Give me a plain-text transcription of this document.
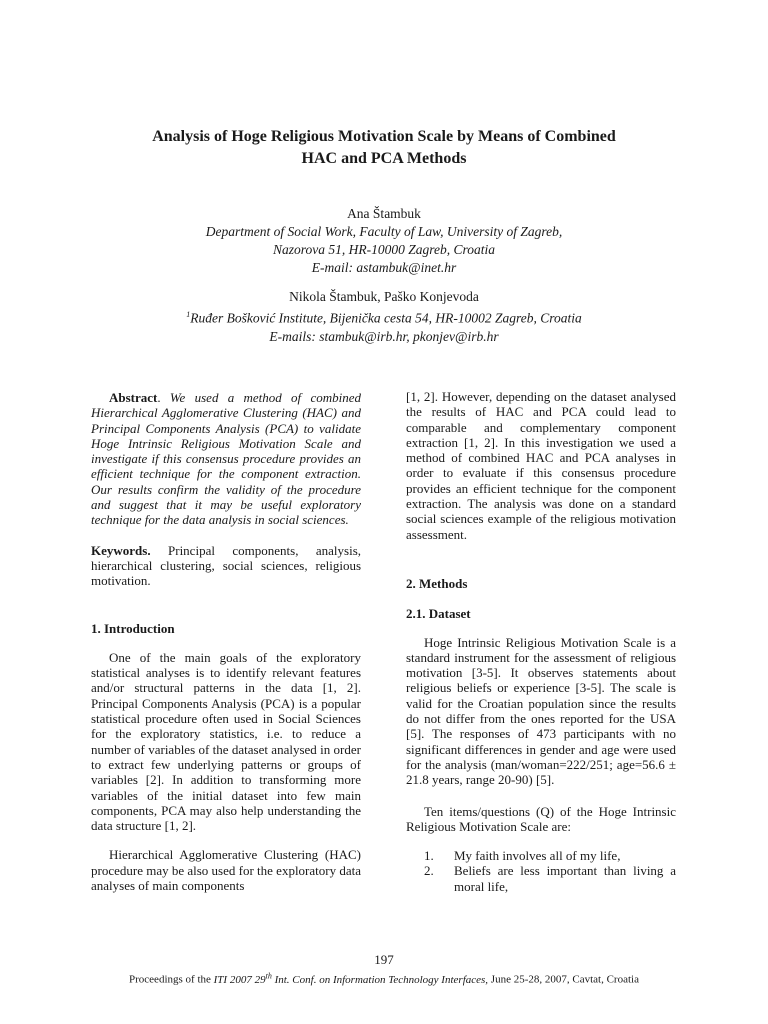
Analysis of Hoge Religious Motivation Scale by Means of Combined
HAC and PCA Methods
Ana Štambuk
Department of Social Work, Faculty of Law, University of Zagreb,
Nazorova 51, HR-10000 Zagreb, Croatia
E-mail: astambuk@inet.hr
Nikola Štambuk, Paško Konjevoda
$^1$Ruđer Bošković Institute, Bijenička cesta 54, HR-10002 Zagreb, Croatia
E-mails: stambuk@irb.hr, pkonjev@irb.hr

Abstract. We used a method of combined Hierarchical Agglomerative Clustering (HAC) and Principal Components Analysis (PCA) to validate Hoge Intrinsic Religious Motivation Scale and investigate if this consensus procedure provides an efficient technique for the component extraction. Our results confirm the validity of the procedure and suggest that it may be useful exploratory technique for the data analysis in social sciences.

Keywords. Principal components, analysis, hierarchical clustering, social sciences, religious motivation.

1. Introduction

One of the main goals of the exploratory statistical analyses is to identify relevant features and/or structural patterns in the data [1, 2]. Principal Components Analysis (PCA) is a popular statistical procedure often used in Social Sciences for the exploratory statistics, i.e. to reduce a number of variables of the dataset analysed in order to extract few underlying patterns or groups of variables [2]. In addition to transforming more variables of the initial dataset into few main components, PCA may also help understanding the data structure [1, 2].

Hierarchical Agglomerative Clustering (HAC) procedure may be also used for the exploratory data analyses of main components

[1, 2]. However, depending on the dataset analysed the results of HAC and PCA could lead to comparable and complementary component extraction [1, 2]. In this investigation we used a method of combined HAC and PCA analyses in order to evaluate if this consensus procedure provides an efficient technique for the component extraction. The analysis was done on a standard social sciences example of the religious motivation assessment.

2. Methods

2.1. Dataset

Hoge Intrinsic Religious Motivation Scale is a standard instrument for the assessment of religious motivation [3-5]. It observes statements about religious beliefs or experience [3-5]. The scale is valid for the Croatian population since the results do not differ from the ones reported for the USA [5]. The responses of 473 participants with no significant differences in gender and age were used for the analysis (man/woman=222/251; age=56.6 ± 21.8 years, range 20-90) [5].

Ten items/questions (Q) of the Hoge Intrinsic Religious Motivation Scale are:

1.	My faith involves all of my life,
2.	Beliefs are less important than living a moral life,
197
Proceedings of the ITI 2007 29th Int. Conf. on Information Technology Interfaces, June 25-28, 2007, Cavtat, Croatia
